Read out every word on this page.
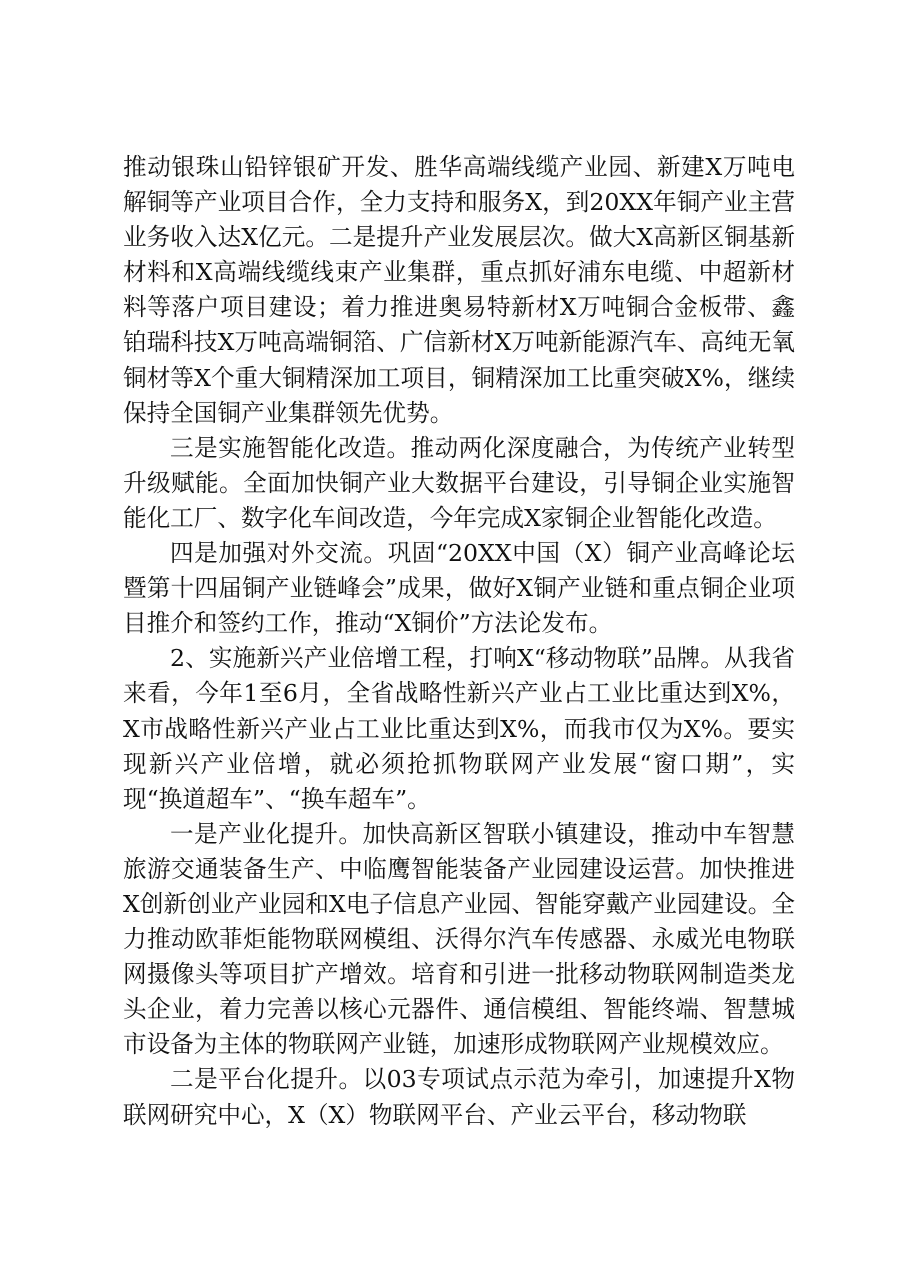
推动银珠山铅锌银矿开发、胜华高端线缆产业园、新建X万吨电解铜等产业项目合作，全力支持和服务X，到20XX年铜产业主营业务收入达X亿元。二是提升产业发展层次。做大X高新区铜基新材料和X高端线缆线束产业集群，重点抓好浦东电缆、中超新材料等落户项目建设；着力推进奥易特新材X万吨铜合金板带、鑫铂瑞科技X万吨高端铜箔、广信新材X万吨新能源汽车、高纯无氧铜材等X个重大铜精深加工项目，铜精深加工比重突破X%，继续保持全国铜产业集群领先优势。

三是实施智能化改造。推动两化深度融合，为传统产业转型升级赋能。全面加快铜产业大数据平台建设，引导铜企业实施智能化工厂、数字化车间改造，今年完成X家铜企业智能化改造。

四是加强对外交流。巩固“20XX中国（X）铜产业高峰论坛暨第十四届铜产业链峰会”成果，做好X铜产业链和重点铜企业项目推介和签约工作，推动“X铜价”方法论发布。

2、实施新兴产业倍增工程，打响X“移动物联”品牌。从我省来看，今年1至6月，全省战略性新兴产业占工业比重达到X%，X市战略性新兴产业占工业比重达到X%，而我市仅为X%。要实现新兴产业倍增，就必须抢抓物联网产业发展“窗口期”，实现“换道超车”、“换车超车”。

一是产业化提升。加快高新区智联小镇建设，推动中车智慧旅游交通装备生产、中临鹰智能装备产业园建设运营。加快推进X创新创业产业园和X电子信息产业园、智能穿戴产业园建设。全力推动欧菲炬能物联网模组、沃得尔汽车传感器、永威光电物联网摄像头等项目扩产增效。培育和引进一批移动物联网制造类龙头企业，着力完善以核心元器件、通信模组、智能终端、智慧城市设备为主体的物联网产业链，加速形成物联网产业规模效应。

二是平台化提升。以03专项试点示范为牵引，加速提升X物联网研究中心，X（X）物联网平台、产业云平台，移动物联
